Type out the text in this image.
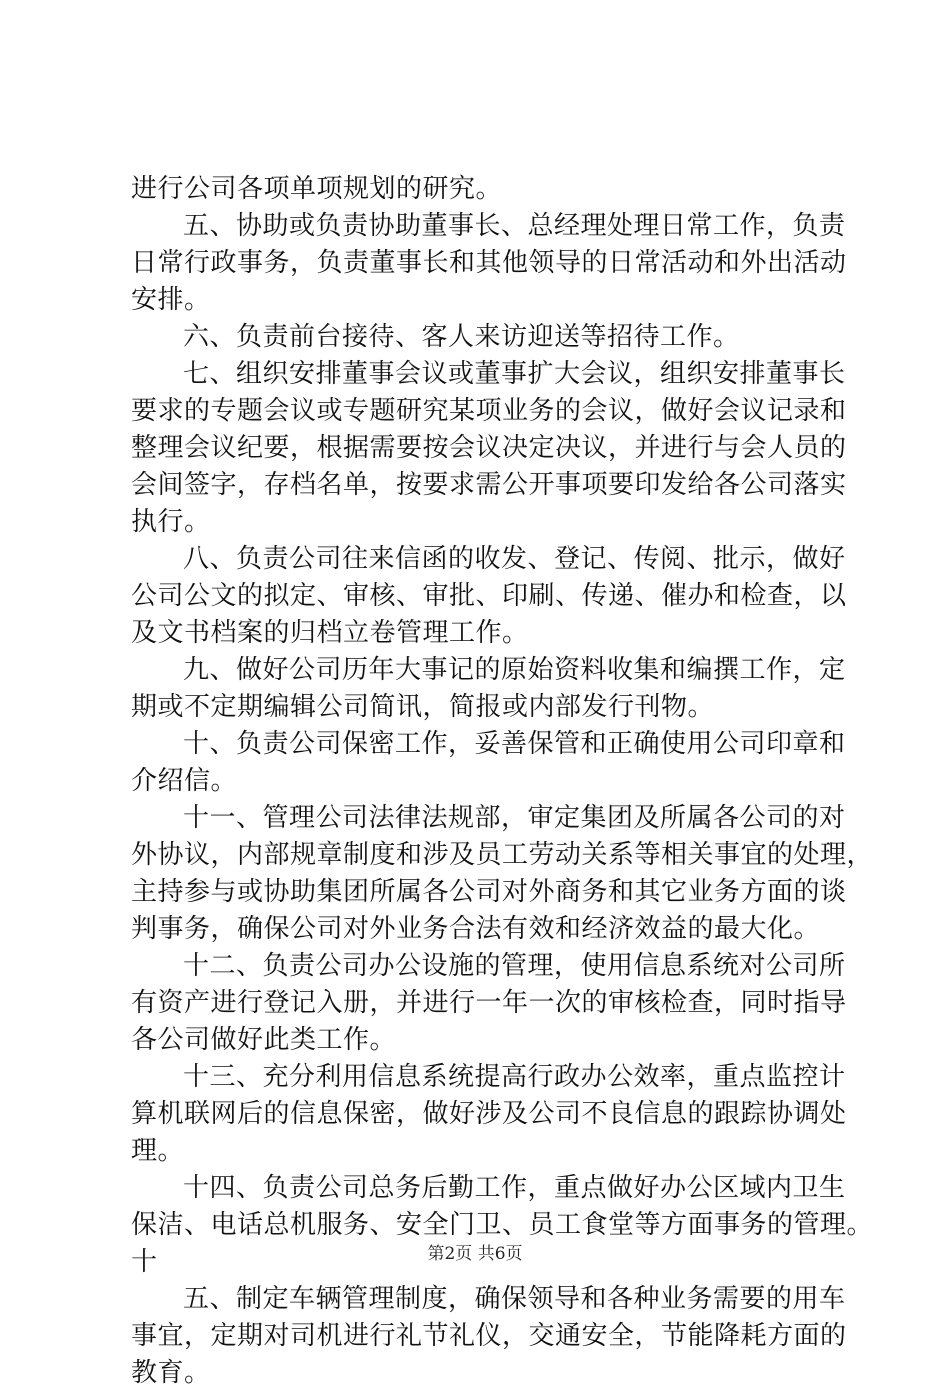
进行公司各项单项规划的研究。
五、协助或负责协助董事长、总经理处理日常工作，负责
日常行政事务，负责董事长和其他领导的日常活动和外出活动
安排。
六、负责前台接待、客人来访迎送等招待工作。
七、组织安排董事会议或董事扩大会议，组织安排董事长
要求的专题会议或专题研究某项业务的会议，做好会议记录和
整理会议纪要，根据需要按会议决定决议，并进行与会人员的
会间签字，存档名单，按要求需公开事项要印发给各公司落实
执行。
八、负责公司往来信函的收发、登记、传阅、批示，做好
公司公文的拟定、审核、审批、印刷、传递、催办和检查，以
及文书档案的归档立卷管理工作。
九、做好公司历年大事记的原始资料收集和编撰工作，定
期或不定期编辑公司简讯，简报或内部发行刊物。
十、负责公司保密工作，妥善保管和正确使用公司印章和
介绍信。
十一、管理公司法律法规部，审定集团及所属各公司的对
外协议，内部规章制度和涉及员工劳动关系等相关事宜的处理，
主持参与或协助集团所属各公司对外商务和其它业务方面的谈
判事务，确保公司对外业务合法有效和经济效益的最大化。
十二、负责公司办公设施的管理，使用信息系统对公司所
有资产进行登记入册，并进行一年一次的审核检查，同时指导
各公司做好此类工作。
十三、充分利用信息系统提高行政办公效率，重点监控计
算机联网后的信息保密，做好涉及公司不良信息的跟踪协调处
理。
十四、负责公司总务后勤工作，重点做好办公区域内卫生
保洁、电话总机服务、安全门卫、员工食堂等方面事务的管理。
十
五、制定车辆管理制度，确保领导和各种业务需要的用车
事宜，定期对司机进行礼节礼仪，交通安全，节能降耗方面的
教育。
第2页 共6页
